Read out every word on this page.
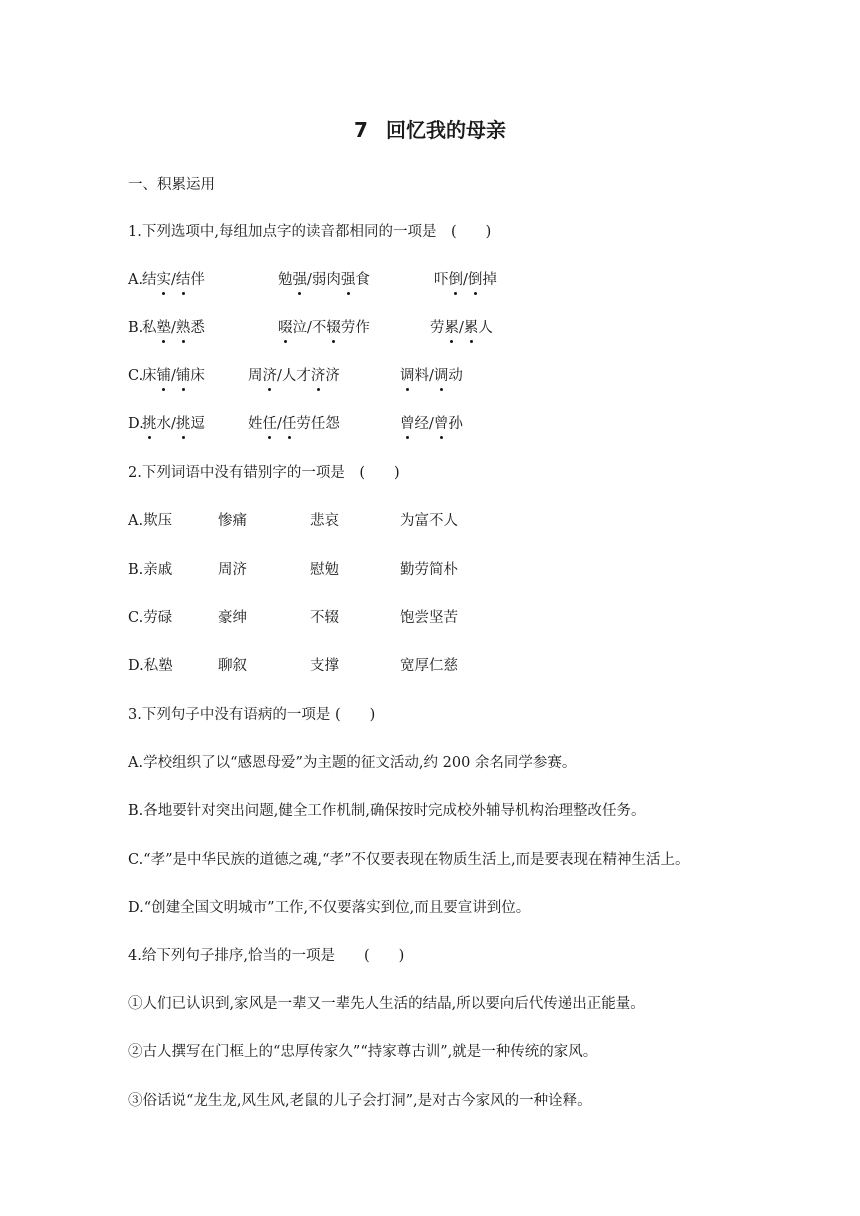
7 回忆我的母亲
一、积累运用
1.下列选项中,每组加点字的读音都相同的一项是　(　　)
A.
结实/结伴	勉强/弱肉强食	吓倒/倒掉
B.
私塾/熟悉	啜泣/不辍劳作	劳累/累人
C.
床铺/铺床	周济/人才济济	调料/调动
D.
挑水/挑逗	姓任/任劳任怨	曾经/曾孙
2.下列词语中没有错别字的一项是　(　　)
A.欺压	惨痛	悲哀	为富不人
B.亲戚	周济	慰勉	勤劳简朴
C.劳碌	豪绅	不辍	饱尝坚苦
D.私塾	聊叙	支撑	宽厚仁慈
3.下列句子中没有语病的一项是 (　　)
A.学校组织了以“感恩母爱”为主题的征文活动,约 200 余名同学参赛。
B.各地要针对突出问题,健全工作机制,确保按时完成校外辅导机构治理整改任务。
C.“孝”是中华民族的道德之魂,“孝”不仅要表现在物质生活上,而是要表现在精神生活上。
D.“创建全国文明城市”工作,不仅要落实到位,而且要宣讲到位。
4.给下列句子排序,恰当的一项是　　(　　)
①人们已认识到,家风是一辈又一辈先人生活的结晶,所以要向后代传递出正能量。
②古人撰写在门框上的“忠厚传家久”“持家尊古训”,就是一种传统的家风。
③俗话说“龙生龙,风生风,老鼠的儿子会打洞”,是对古今家风的一种诠释。
